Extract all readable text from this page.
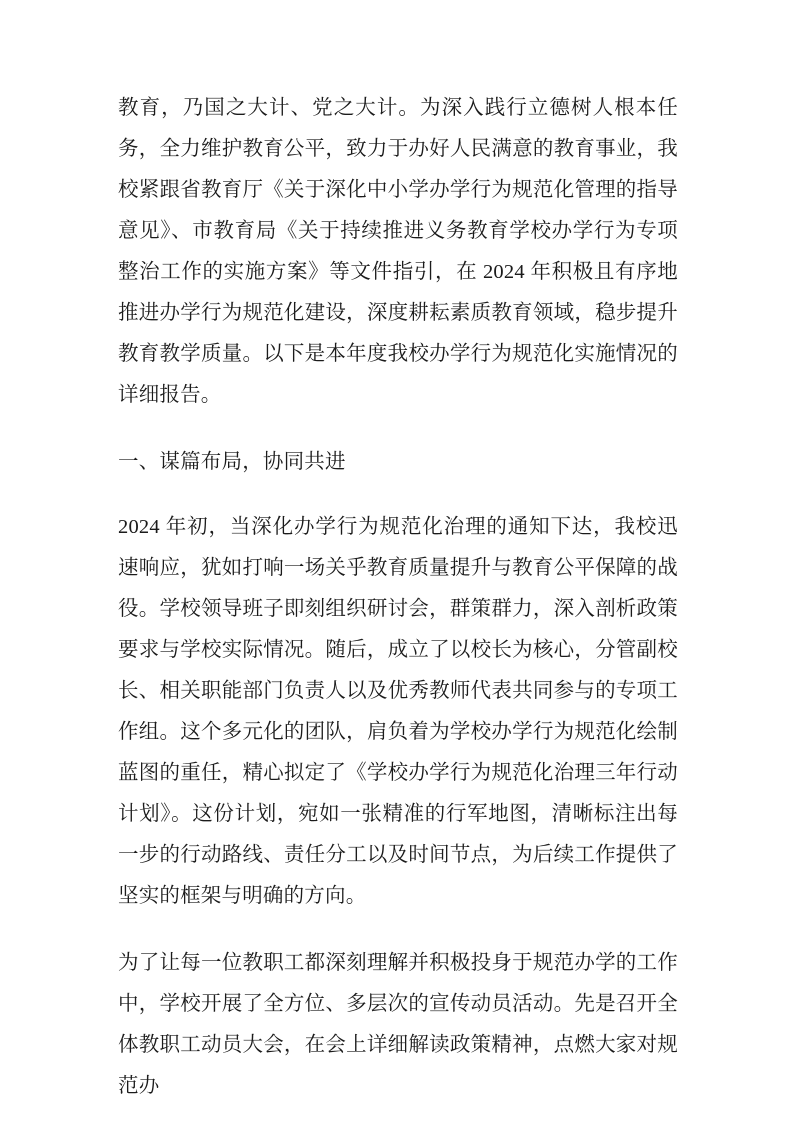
教育，乃国之大计、党之大计。为深入践行立德树人根本任务，全力维护教育公平，致力于办好人民满意的教育事业，我校紧跟省教育厅《关于深化中小学办学行为规范化管理的指导意见》、市教育局《关于持续推进义务教育学校办学行为专项整治工作的实施方案》等文件指引，在 2024 年积极且有序地推进办学行为规范化建设，深度耕耘素质教育领域，稳步提升教育教学质量。以下是本年度我校办学行为规范化实施情况的详细报告。

一、谋篇布局，协同共进

2024 年初，当深化办学行为规范化治理的通知下达，我校迅速响应，犹如打响一场关乎教育质量提升与教育公平保障的战役。学校领导班子即刻组织研讨会，群策群力，深入剖析政策要求与学校实际情况。随后，成立了以校长为核心，分管副校长、相关职能部门负责人以及优秀教师代表共同参与的专项工作组。这个多元化的团队，肩负着为学校办学行为规范化绘制蓝图的重任，精心拟定了《学校办学行为规范化治理三年行动计划》。这份计划，宛如一张精准的行军地图，清晰标注出每一步的行动路线、责任分工以及时间节点，为后续工作提供了坚实的框架与明确的方向。

为了让每一位教职工都深刻理解并积极投身于规范办学的工作中，学校开展了全方位、多层次的宣传动员活动。先是召开全体教职工动员大会，在会上详细解读政策精神，点燃大家对规范办
